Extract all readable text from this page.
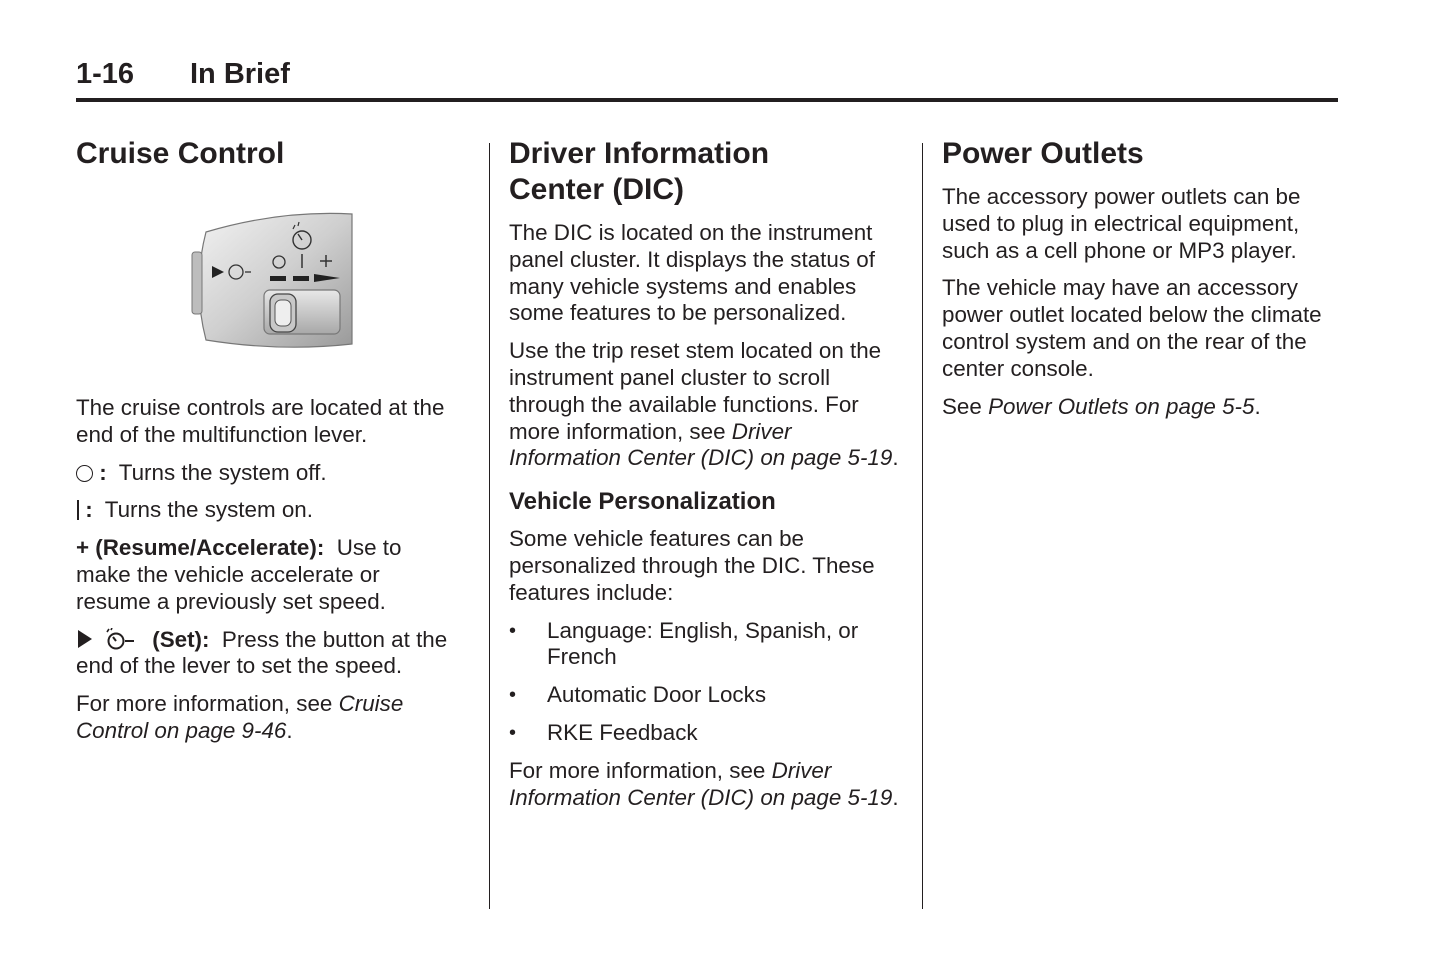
1-16 In Brief
Cruise Control

The cruise controls are located at the end of the multifunction lever.

: Turns the system off.

: Turns the system on.

+ (Resume/Accelerate): Use to make the vehicle accelerate or resume a previously set speed.

(Set): Press the button at the end of the lever to set the speed.

For more information, see Cruise Control on page 9-46.

Driver Information
Center (DIC)

The DIC is located on the instrument panel cluster. It displays the status of many vehicle systems and enables some features to be personalized.

Use the trip reset stem located on the instrument panel cluster to scroll through the available functions. For more information, see Driver Information Center (DIC) on page 5-19.

Vehicle Personalization

Some vehicle features can be personalized through the DIC. These features include:

• Language: English, Spanish, or French
• Automatic Door Locks
• RKE Feedback

For more information, see Driver Information Center (DIC) on page 5-19.

Power Outlets

The accessory power outlets can be used to plug in electrical equipment, such as a cell phone or MP3 player.

The vehicle may have an accessory power outlet located below the climate control system and on the rear of the center console.

See Power Outlets on page 5-5.
